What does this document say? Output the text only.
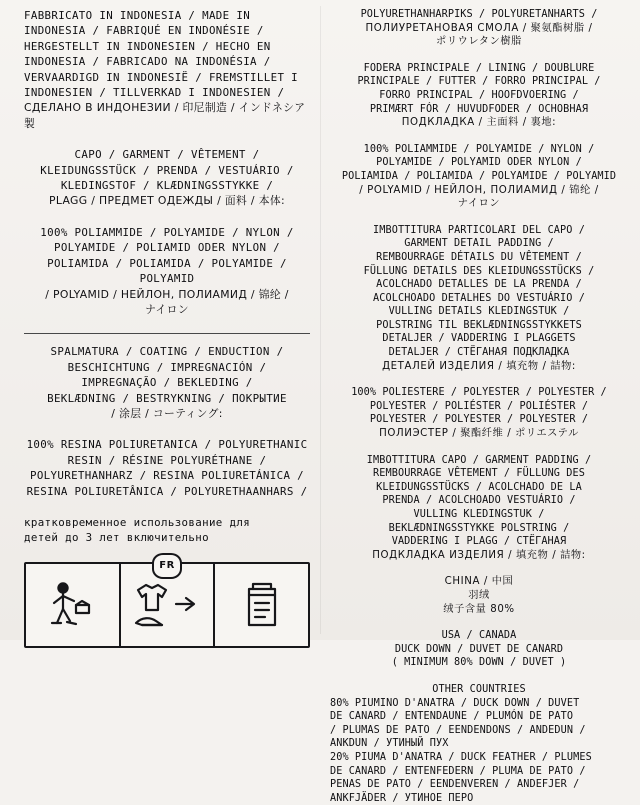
FABBRICATO IN INDONESIA / MADE IN
INDONESIA / FABRIQUÉ EN INDONÉSIE /
HERGESTELLT IN INDONESIEN / HECHO EN
INDONESIA / FABRICADO NA INDONÉSIA /
VERVAARDIGD IN INDONESIË / FREMSTILLET I
INDONESIEN / TILLVERKAD I INDONESIEN /
СДЕЛАНО В ИНДОНЕЗИИ / 印尼制造 / インドネシア製
CAPO / GARMENT / VÊTEMENT /
KLEIDUNGSSTÜCK / PRENDA / VESTUÁRIO /
KLEDINGSTOF / KLÆDNINGSSTYKKE /
PLAGG / ПРЕДМЕТ ОДЕЖДЫ / 面料 / 本体:
100% POLIAMMIDE / POLYAMIDE / NYLON /
POLYAMIDE / POLIAMID ODER NYLON /
POLIAMIDA / POLIAMIDA / POLYAMIDE / POLYAMID
/ POLYAMID / НЕЙЛОН, ПОЛИАМИД / 锦纶 /
ナイロン
SPALMATURA / COATING / ENDUCTION /
BESCHICHTUNG / IMPREGNACIÓN /
IMPREGNAÇÃO / BEKLEDING /
BEKLÆDNING / BESTRYKNING / ПОКРЫТИЕ
/ 涂层 / コーティング:
100% RESINA POLIURETANICA / POLYURETHANIC
RESIN / RÉSINE POLYURÉTHANE /
POLYURETHANHARZ / RESINA POLIURETÁNICA /
RESINA POLIURETÂNICA / POLYURETHAANHARS /
кратковременное использование для
детей до 3 лет включительно
FR
POLYURETHANHARPIKS / POLYURETANHARTS /
ПОЛИУРЕТАНОВАЯ СМОЛА / 聚氨酯树脂 /
ポリウレタン樹脂
FODERA PRINCIPALE / LINING / DOUBLURE
PRINCIPALE / FUTTER / FORRO PRINCIPAL /
FORRO PRINCIPAL / HOOFDVOERING /
PRIMÆRT FÓR / HUVUDFODER / ОСНОВНАЯ
ПОДКЛАДКА / 主面料 / 裏地:
100% POLIAMMIDE / POLYAMIDE / NYLON /
POLYAMIDE / POLYAMID ODER NYLON /
POLIAMIDA / POLIAMIDA / POLYAMIDE / POLYAMID
/ POLYAMID / НЕЙЛОН, ПОЛИАМИД / 锦纶 /
ナイロン
IMBOTTITURA PARTICOLARI DEL CAPO /
GARMENT DETAIL PADDING /
REMBOURRAGE DÉTAILS DU VÊTEMENT /
FÜLLUNG DETAILS DES KLEIDUNGSSTÜCKS /
ACOLCHADO DETALLES DE LA PRENDA /
ACOLCHOADO DETALHES DO VESTUÁRIO /
VULLING DETAILS KLEDINGSTUK /
POLSTRING TIL BEKLÆDNINGSSTYKKETS
DETALJER / VADDERING I PLAGGETS
DETALJER / СТЁГАНАЯ ПОДКЛАДКА
ДЕТАЛЕЙ ИЗДЕЛИЯ / 填充物 / 詰物:
100% POLIESTERE / POLYESTER / POLYESTER /
POLYESTER / POLIÉSTER / POLIÉSTER /
POLYESTER / POLYESTER / POLYESTER /
ПОЛИЭСТЕР / 聚酯纤维 / ポリエステル
IMBOTTITURA CAPO / GARMENT PADDING /
REMBOURRAGE VÊTEMENT / FÜLLUNG DES
KLEIDUNGSSTÜCKS / ACOLCHADO DE LA
PRENDA / ACOLCHOADO VESTUÁRIO /
VULLING KLEDINGSTUK /
BEKLÆDNINGSSTYKKE POLSTRING /
VADDERING I PLAGG / СТЁГАНАЯ
ПОДКЛАДКА ИЗДЕЛИЯ / 填充物 / 詰物:
CHINA / 中国
羽绒
绒子含量 80%
USA / CANADA
DUCK DOWN / DUVET DE CANARD
( MINIMUM 80% DOWN / DUVET )
OTHER COUNTRIES
80% PIUMINO D'ANATRA / DUCK DOWN / DUVET
DE CANARD / ENTENDAUNE / PLUMÓN DE PATO
/ PLUMAS DE PATO / EENDENDONS / ANDEDUN /
ANKDUN / УТИНЫЙ ПУХ
20% PIUMA D'ANATRA / DUCK FEATHER / PLUMES
DE CANARD / ENTENFEDERN / PLUMA DE PATO /
PENAS DE PATO / EENDENVEREN / ANDEFJER /
ANKFJÄDER / УТИНОЕ ПЕРО
